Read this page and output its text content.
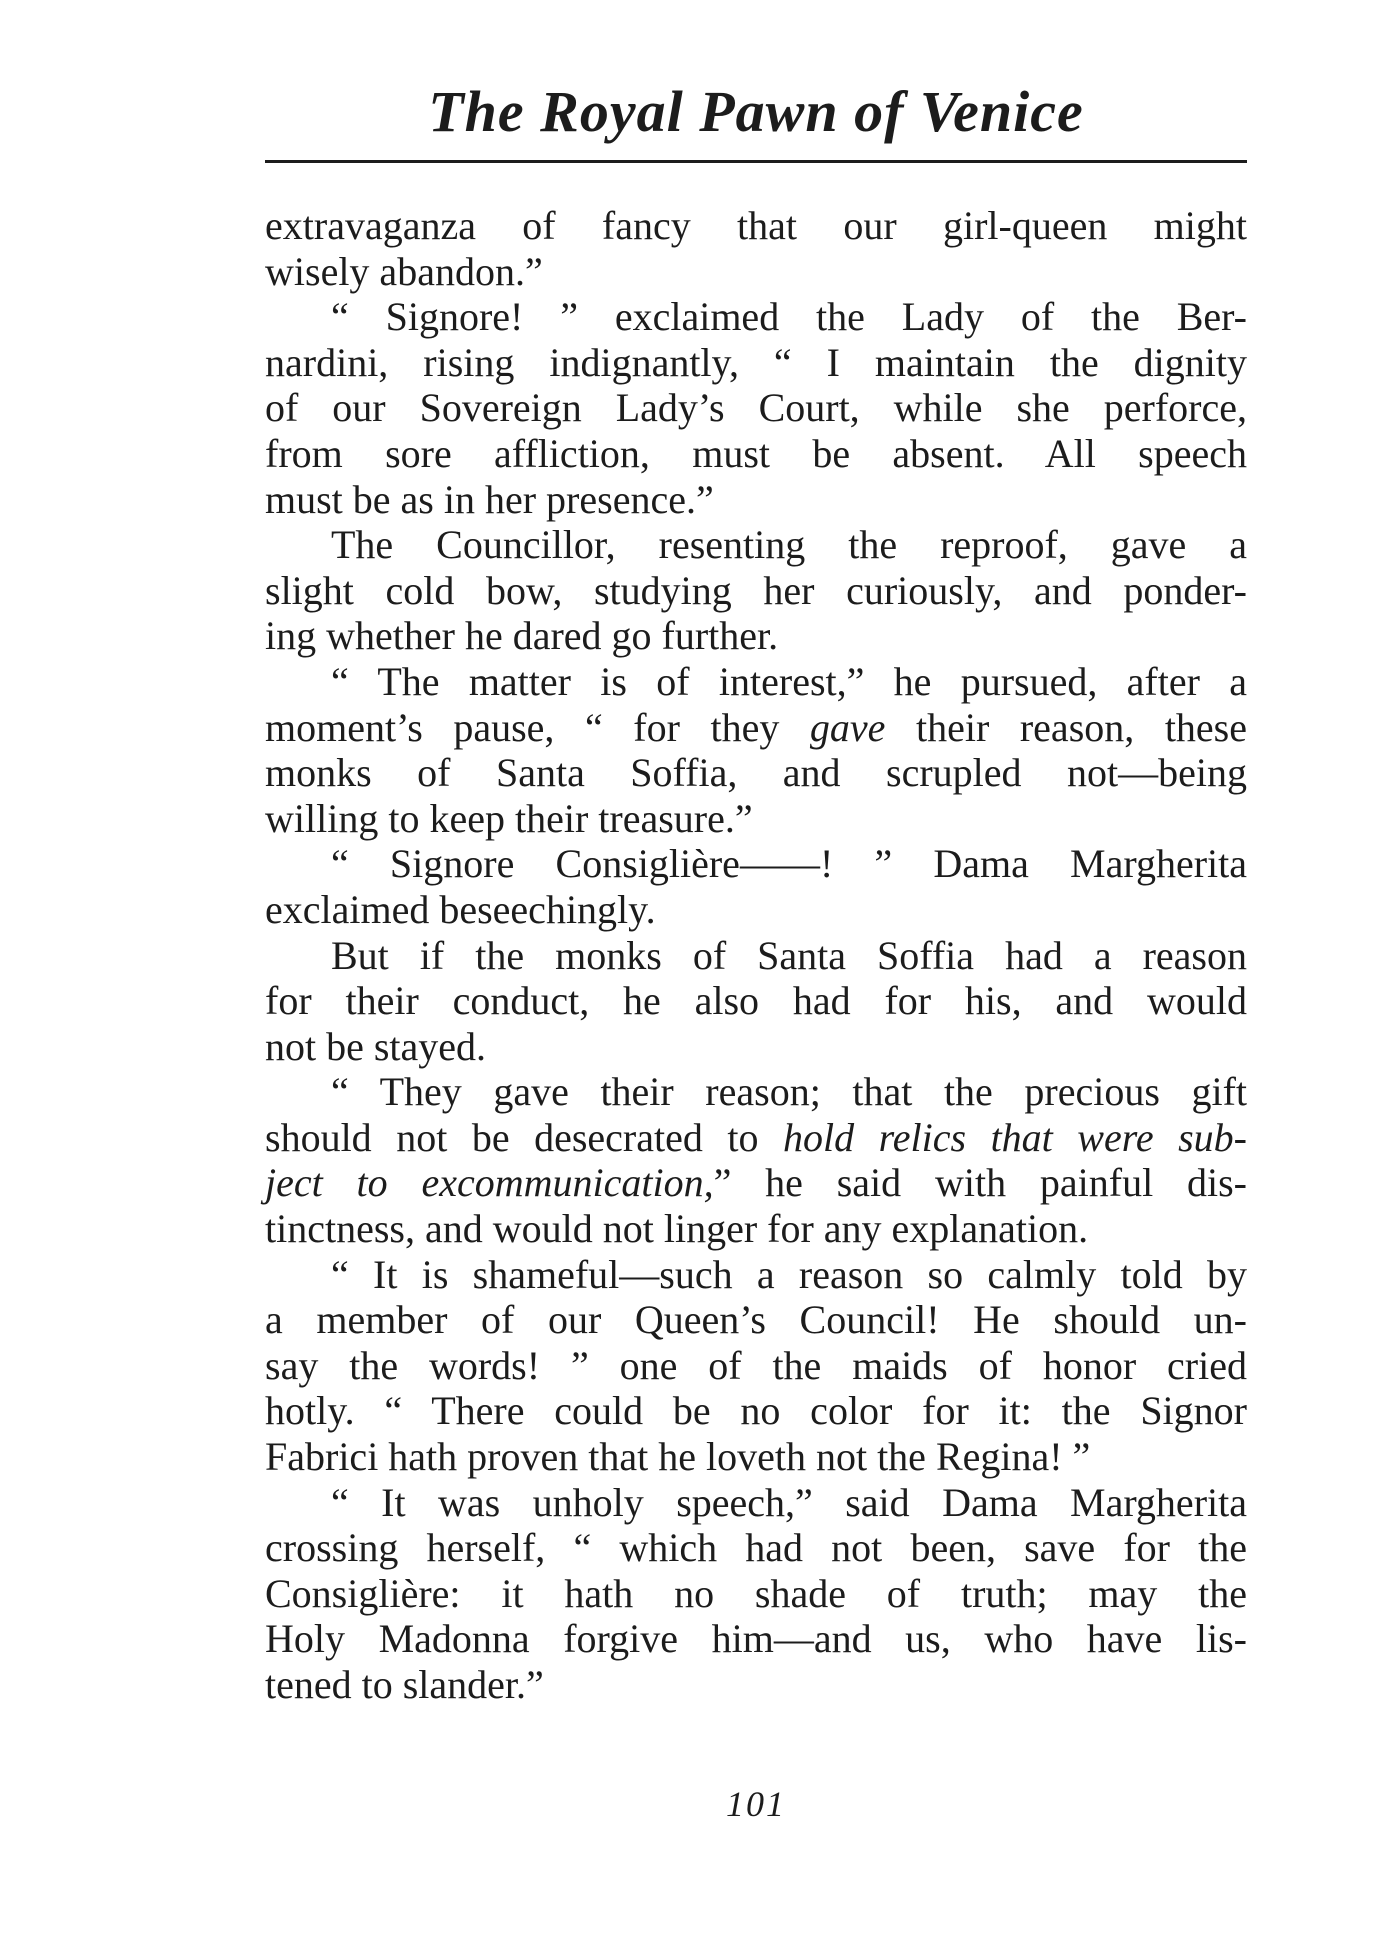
The Royal Pawn of Venice

extravaganza of fancy that our girl-queen might

wisely abandon.”

“ Signore! ” exclaimed the Lady of the Ber-

nardini, rising indignantly, “ I maintain the dignity

of our Sovereign Lady’s Court, while she perforce,

from sore affliction, must be absent. All speech

must be as in her presence.”

The Councillor, resenting the reproof, gave a

slight cold bow, studying her curiously, and ponder-

ing whether he dared go further.

“ The matter is of interest,” he pursued, after a

moment’s pause, “ for they gave their reason, these

monks of Santa Soffia, and scrupled not—being

willing to keep their treasure.”

“ Signore Consiglière——! ” Dama Margherita

exclaimed beseechingly.

But if the monks of Santa Soffia had a reason

for their conduct, he also had for his, and would

not be stayed.

“ They gave their reason; that the precious gift

should not be desecrated to hold relics that were sub-

ject to excommunication,” he said with painful dis-

tinctness, and would not linger for any explanation.

“ It is shameful—such a reason so calmly told by

a member of our Queen’s Council! He should un-

say the words! ” one of the maids of honor cried

hotly. “ There could be no color for it: the Signor

Fabrici hath proven that he loveth not the Regina! ”

“ It was unholy speech,” said Dama Margherita

crossing herself, “ which had not been, save for the

Consiglière: it hath no shade of truth; may the

Holy Madonna forgive him—and us, who have lis-

tened to slander.”

101
